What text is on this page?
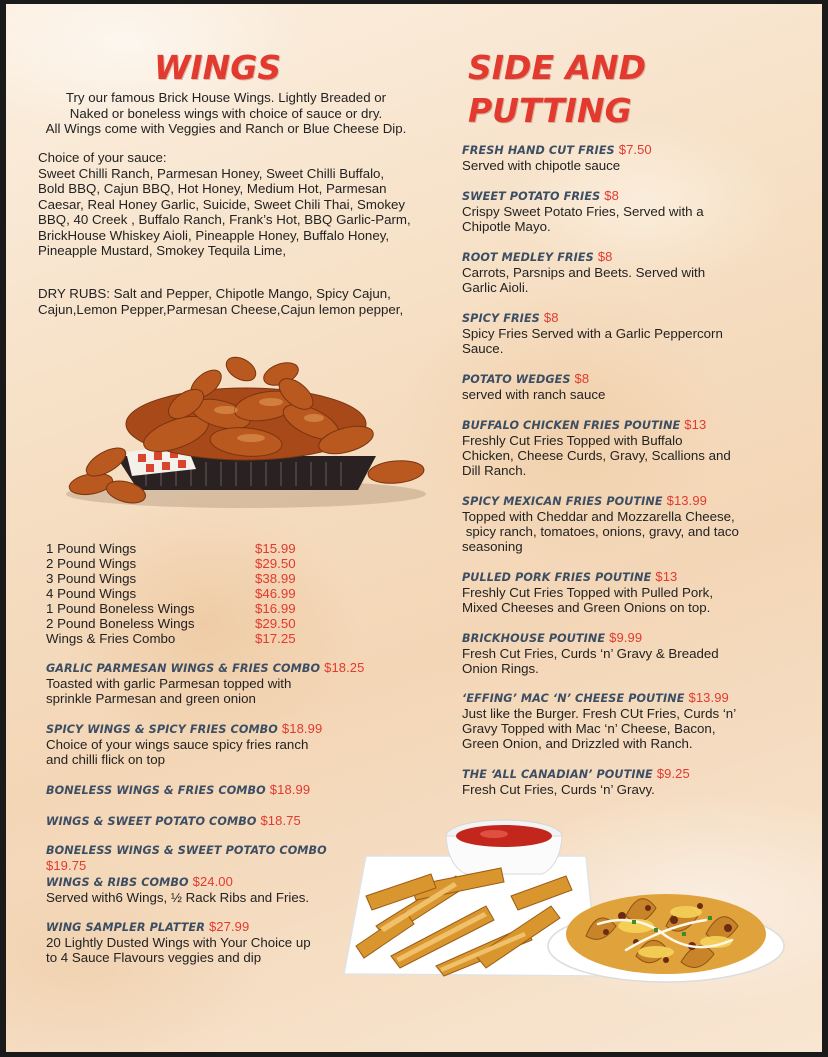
WINGS
Try our famous Brick House Wings. Lightly Breaded or
Naked or boneless wings with choice of sauce or dry.
All Wings come with Veggies and Ranch or Blue Cheese Dip.
Choice of your sauce:
Sweet Chilli Ranch, Parmesan Honey, Sweet Chilli Buffalo,
Bold BBQ, Cajun BBQ, Hot Honey, Medium Hot, Parmesan
Caesar, Real Honey Garlic, Suicide, Sweet Chili Thai, Smokey
BBQ, 40 Creek , Buffalo Ranch, Frank’s Hot, BBQ Garlic-Parm,
BrickHouse Whiskey Aioli, Pineapple Honey, Buffalo Honey,
Pineapple Mustard, Smokey Tequila Lime,
DRY RUBS: Salt and Pepper, Chipotle Mango, Spicy Cajun,
Cajun,Lemon Pepper,Parmesan Cheese,Cajun lemon pepper,
1 Pound Wings	$15.99
2 Pound Wings	$29.50
3 Pound Wings	$38.99
4 Pound Wings	$46.99
1 Pound Boneless Wings	$16.99
2 Pound Boneless Wings	$29.50
Wings & Fries Combo	$17.25
GARLIC PARMESAN WINGS & FRIES COMBO $18.25
Toasted with garlic Parmesan topped with
sprinkle Parmesan and green onion
SPICY WINGS & SPICY FRIES COMBO $18.99
Choice of your wings sauce spicy fries ranch
and chilli flick on top
BONELESS WINGS & FRIES COMBO $18.99
WINGS & SWEET POTATO COMBO $18.75
BONELESS WINGS & SWEET POTATO COMBO $19.75
WINGS & RIBS COMBO $24.00
Served with6 Wings, ½ Rack Ribs and Fries.
WING SAMPLER PLATTER $27.99
20 Lightly Dusted Wings with Your Choice up
to 4 Sauce Flavours veggies and dip
SIDE AND
PUTTING
FRESH HAND CUT FRIES $7.50
Served with chipotle sauce
SWEET POTATO FRIES $8
Crispy Sweet Potato Fries, Served with a
Chipotle Mayo.
ROOT MEDLEY FRIES $8
Carrots, Parsnips and Beets. Served with
Garlic Aioli.
SPICY FRIES $8
Spicy Fries Served with a Garlic Peppercorn
Sauce.
POTATO WEDGES $8
served with ranch sauce
BUFFALO CHICKEN FRIES POUTINE $13
Freshly Cut Fries Topped with Buffalo
Chicken, Cheese Curds, Gravy, Scallions and
Dill Ranch.
SPICY MEXICAN FRIES POUTINE $13.99
Topped with Cheddar and Mozzarella Cheese,
spicy ranch, tomatoes, onions, gravy, and taco
seasoning
PULLED PORK FRIES POUTINE $13
Freshly Cut Fries Topped with Pulled Pork,
Mixed Cheeses and Green Onions on top.
BRICKHOUSE POUTINE $9.99
Fresh Cut Fries, Curds ‘n’ Gravy & Breaded
Onion Rings.
‘EFFING’ MAC ‘N’ CHEESE POUTINE $13.99
Just like the Burger. Fresh CUt Fries, Curds ‘n’
Gravy Topped with Mac ‘n’ Cheese, Bacon,
Green Onion, and Drizzled with Ranch.
THE ‘ALL CANADIAN’ POUTINE $9.25
Fresh Cut Fries, Curds ‘n’ Gravy.
